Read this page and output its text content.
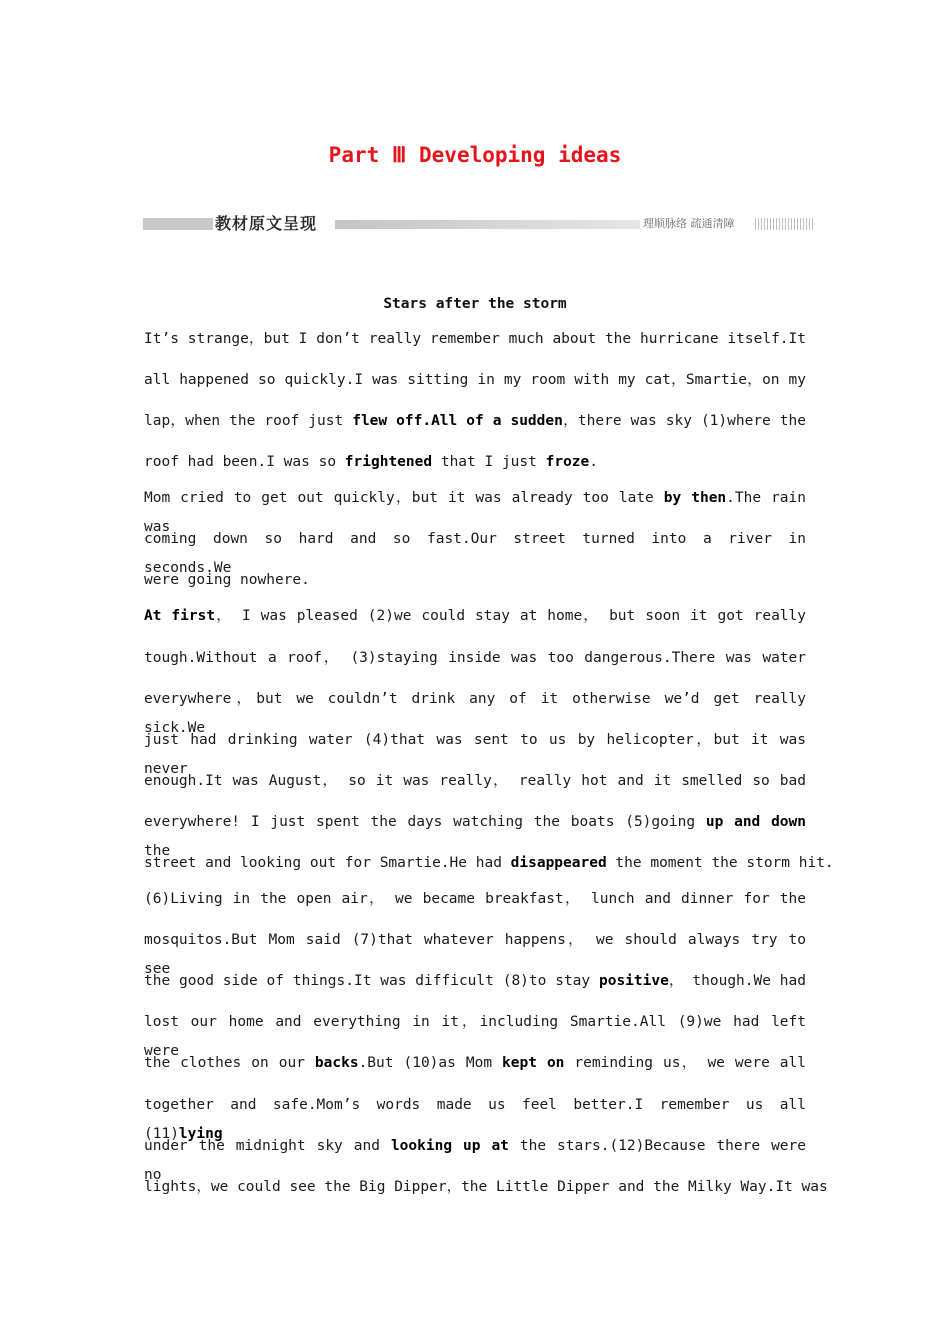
Part Ⅲ Developing ideas
教材原文呈现	理顺脉络 疏通清障
Stars after the storm
It’s strange，but I don’t really remember much about the hurricane itself.It
all happened so quickly.I was sitting in my room with my cat，Smartie，on my
lap，when the roof just flew off.All of a sudden，there was sky (1)where the
roof had been.I was so frightened that I just froze.
Mom cried to get out quickly，but it was already too late by then.The rain was
coming down so hard and so fast.Our street turned into a river in seconds.We
were going nowhere.
At first， I was pleased (2)we could stay at home， but soon it got really
tough.Without a roof， (3)staying inside was too dangerous.There was water
everywhere，but we couldn’t drink any of it otherwise we’d get really sick.We
just had drinking water (4)that was sent to us by helicopter，but it was never
enough.It was August， so it was really， really hot and it smelled so bad
everywhere! I just spent the days watching the boats (5)going up and down the
street and looking out for Smartie.He had disappeared the moment the storm hit.
(6)Living in the open air， we became breakfast， lunch and dinner for the
mosquitos.But Mom said (7)that whatever happens， we should always try to see
the good side of things.It was difficult (8)to stay positive， though.We had
lost our home and everything in it，including Smartie.All (9)we had left were
the clothes on our backs.But (10)as Mom kept on reminding us， we were all
together and safe.Mom’s words made us feel better.I remember us all (11)lying
under the midnight sky and looking up at the stars.(12)Because there were no
lights，we could see the Big Dipper，the Little Dipper and the Milky Way.It was
